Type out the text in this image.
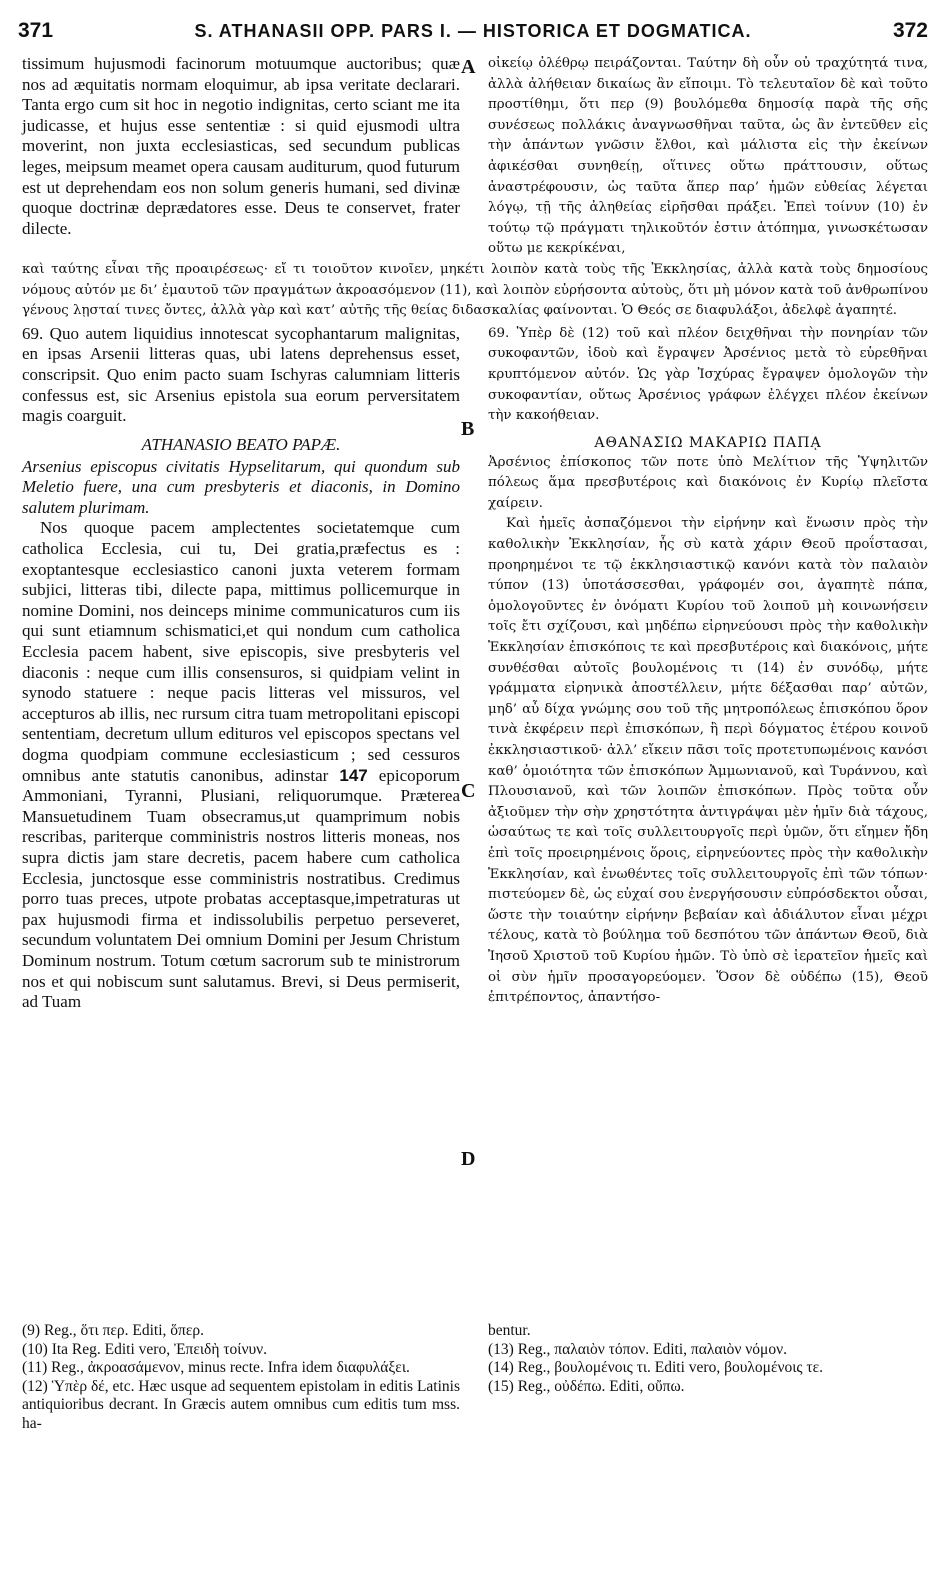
371	S. ATHANASII OPP. PARS I. — HISTORICA ET DOGMATICA.	372
A
B
C
D

tissimum hujusmodi facinorum motuumque auctoribus; quæ nos ad æquitatis normam eloquimur, ab ipsa veritate declarari. Tanta ergo cum sit hoc in negotio indignitas, certo sciant me ita judicasse, et hujus esse sententiæ : si quid ejusmodi ultra moverint, non juxta ecclesiasticas, sed secundum publicas leges, meipsum meamet opera causam auditurum, quod futurum est ut deprehendam eos non solum generis humani, sed divinæ quoque doctrinæ deprædatores esse. Deus te conservet, frater dilecte.

οἰκείῳ ὀλέθρῳ πειράζονται. Ταύτην δὴ οὖν οὐ τραχύτητά τινα, ἀλλὰ ἀλήθειαν δικαίως ἂν εἴποιμι. Τὸ τελευταῖον δὲ καὶ τοῦτο προστίθημι, ὅτι περ (9) βουλόμεθα δημοσίᾳ παρὰ τῆς σῆς συνέσεως πολλάκις ἀναγνωσθῆναι ταῦτα, ὡς ἂν ἐντεῦθεν εἰς τὴν ἁπάντων γνῶσιν ἔλθοι, καὶ μάλιστα εἰς τὴν ἐκείνων ἀφικέσθαι συνηθείῃ, οἵτινες οὕτω πράττουσιν, οὕτως ἀναστρέφουσιν, ὡς ταῦτα ἅπερ παρ’ ἡμῶν εὐθείας λέγεται λόγῳ, τῇ τῆς ἀληθείας εἰρῆσθαι πράξει. Ἐπεὶ τοίνυν (10) ἐν τούτῳ τῷ πράγματι τηλικοῦτόν ἐστιν ἀτόπημα, γινωσκέτωσαν οὕτω με κεκρίκέναι,

καὶ ταύτης εἶναι τῆς προαιρέσεως· εἴ τι τοιοῦτον κινοῖεν, μηκέτι λοιπὸν κατὰ τοὺς τῆς Ἐκκλησίας, ἀλλὰ κατὰ τοὺς δημοσίους νόμους αὐτόν με δι’ ἐμαυτοῦ τῶν πραγμάτων ἀκροασόμενον (11), καὶ λοιπὸν εὑρήσοντα αὐτοὺς, ὅτι μὴ μόνον κατὰ τοῦ ἀνθρωπίνου γένους λῃσταί τινες ὄντες, ἀλλὰ γὰρ καὶ κατ’ αὐτῆς τῆς θείας διδασκαλίας φαίνονται. Ὁ Θεός σε διαφυλάξοι, ἀδελφὲ ἀγαπητέ.

69. Quo autem liquidius innotescat sycophantarum malignitas, en ipsas Arsenii litteras quas, ubi latens deprehensus esset, conscripsit. Quo enim pacto suam Ischyras calumniam litteris confessus est, sic Arsenius epistola sua eorum perversitatem magis coarguit.

69. Ὑπὲρ δὲ (12) τοῦ καὶ πλέον δειχθῆναι τὴν πονηρίαν τῶν συκοφαντῶν, ἰδοὺ καὶ ἔγραψεν Ἀρσένιος μετὰ τὸ εὑρεθῆναι κρυπτόμενον αὐτόν. Ὡς γὰρ Ἰσχύρας ἔγραψεν ὁμολογῶν τὴν συκοφαντίαν, οὕτως Ἀρσένιος γράφων ἐλέγχει πλέον ἐκείνων τὴν κακοήθειαν.

ATHANASIO BEATO PAPÆ.

Arsenius episcopus civitatis Hypselitarum, qui quondum sub Meletio fuere, una cum presbyteris et diaconis, in Domino salutem plurimam.

Nos quoque pacem amplectentes societatemque cum catholica Ecclesia, cui tu, Dei gratia,præfectus es : exoptantesque ecclesiastico canoni juxta veterem formam subjici, litteras tibi, dilecte papa, mittimus pollicemurque in nomine Domini, nos deinceps minime communicaturos cum iis qui sunt etiamnum schismatici,et qui nondum cum catholica Ecclesia pacem habent, sive episcopis, sive presbyteris vel diaconis : neque cum illis consensuros, si quidpiam velint in synodo statuere : neque pacis litteras vel missuros, vel accepturos ab illis, nec rursum citra tuam metropolitani episcopi sententiam, decretum ullum edituros vel episcopos spectans vel dogma quodpiam commune ecclesiasticum ; sed cessuros omnibus ante statutis canonibus, adinstar 147 epicoporum Ammoniani, Tyranni, Plusiani, reliquorumque. Præterea Mansuetudinem Tuam obsecramus,ut quamprimum nobis rescribas, pariterque comministris nostros litteris moneas, nos supra dictis jam stare decretis, pacem habere cum catholica Ecclesia, junctosque esse comministris nostratibus. Credimus porro tuas preces, utpote probatas acceptasque,impetraturas ut pax hujusmodi firma et indissolubilis perpetuo perseveret, secundum voluntatem Dei omnium Domini per Jesum Christum Dominum nostrum. Totum cœtum sacrorum sub te ministrorum nos et qui nobiscum sunt salutamus. Brevi, si Deus permiserit, ad Tuam

ΑΘΑΝΑΣΙΩ ΜΑΚΑΡΙΩ ΠΑΠᾼ

Ἀρσένιος ἐπίσκοπος τῶν ποτε ὑπὸ Μελίτιον τῆς Ὑψηλιτῶν πόλεως ἅμα πρεσβυτέροις καὶ διακόνοις ἐν Κυρίῳ πλεῖστα χαίρειν.

Καὶ ἡμεῖς ἀσπαζόμενοι τὴν εἰρήνην καὶ ἕνωσιν πρὸς τὴν καθολικὴν Ἐκκλησίαν, ἧς σὺ κατὰ χάριν Θεοῦ προΐστασαι, προηρημένοι τε τῷ ἐκκλησιαστικῷ κανόνι κατὰ τὸν παλαιὸν τύπον (13) ὑποτάσσεσθαι, γράφομέν σοι, ἀγαπητὲ πάπα, ὁμολογοῦντες ἐν ὀνόματι Κυρίου τοῦ λοιποῦ μὴ κοινωνήσειν τοῖς ἔτι σχίζουσι, καὶ μηδέπω εἰρηνεύουσι πρὸς τὴν καθολικὴν Ἐκκλησίαν ἐπισκόποις τε καὶ πρεσβυτέροις καὶ διακόνοις, μήτε συνθέσθαι αὐτοῖς βουλομένοις τι (14) ἐν συνόδῳ, μήτε γράμματα εἰρηνικὰ ἀποστέλλειν, μήτε δέξασθαι παρ’ αὐτῶν, μηδ’ αὖ δίχα γνώμης σου τοῦ τῆς μητροπόλεως ἐπισκόπου ὅρον τινὰ ἐκφέρειν περὶ ἐπισκόπων, ἢ περὶ δόγματος ἑτέρου κοινοῦ ἐκκλησιαστικοῦ· ἀλλ’ εἴκειν πᾶσι τοῖς προτετυπωμένοις κανόσι καθ’ ὁμοιότητα τῶν ἐπισκόπων Ἀμμωνιανοῦ, καὶ Τυράννου, καὶ Πλουσιανοῦ, καὶ τῶν λοιπῶν ἐπισκόπων. Πρὸς τοῦτα οὖν ἀξιοῦμεν τὴν σὴν χρηστότητα ἀντιγράψαι μὲν ἡμῖν διὰ τάχους, ὡσαύτως τε καὶ τοῖς συλλειτουργοῖς περὶ ὑμῶν, ὅτι εἴημεν ἤδη ἐπὶ τοῖς προειρημένοις ὅροις, εἰρηνεύοντες πρὸς τὴν καθολικὴν Ἐκκλησίαν, καὶ ἑνωθέντες τοῖς συλλειτουργοῖς ἐπὶ τῶν τόπων· πιστεύομεν δὲ, ὡς εὐχαί σου ἐνεργήσουσιν εὐπρόσδεκτοι οὖσαι, ὥστε τὴν τοιαύτην εἰρήνην βεβαίαν καὶ ἀδιάλυτον εἶναι μέχρι τέλους, κατὰ τὸ βούλημα τοῦ δεσπότου τῶν ἁπάντων Θεοῦ, διὰ Ἰησοῦ Χριστοῦ τοῦ Κυρίου ἡμῶν. Τὸ ὑπὸ σὲ ἱερατεῖον ἡμεῖς καὶ οἱ σὺν ἡμῖν προσαγορεύομεν. Ὅσον δὲ οὐδέπω (15), Θεοῦ ἐπιτρέποντος, ἀπαντήσο-

(9) Reg., ὅτι περ. Editi, ὅπερ.

(10) Ita Reg. Editi vero, Ἐπειδὴ τοίνυν.

(11) Reg., ἀκροασάμενον, minus recte. Infra idem διαφυλάξει.

(12) Ὑπὲρ δέ, etc. Hæc usque ad sequentem epistolam in editis Latinis antiquioribus decrant. In Græcis autem omnibus cum editis tum mss. ha-

bentur.

(13) Reg., παλαιὸν τόπον. Editi, παλαιὸν νόμον.

(14) Reg., βουλομένοις τι. Editi vero, βουλομένοις τε.

(15) Reg., οὐδέπω. Editi, οὔπω.
